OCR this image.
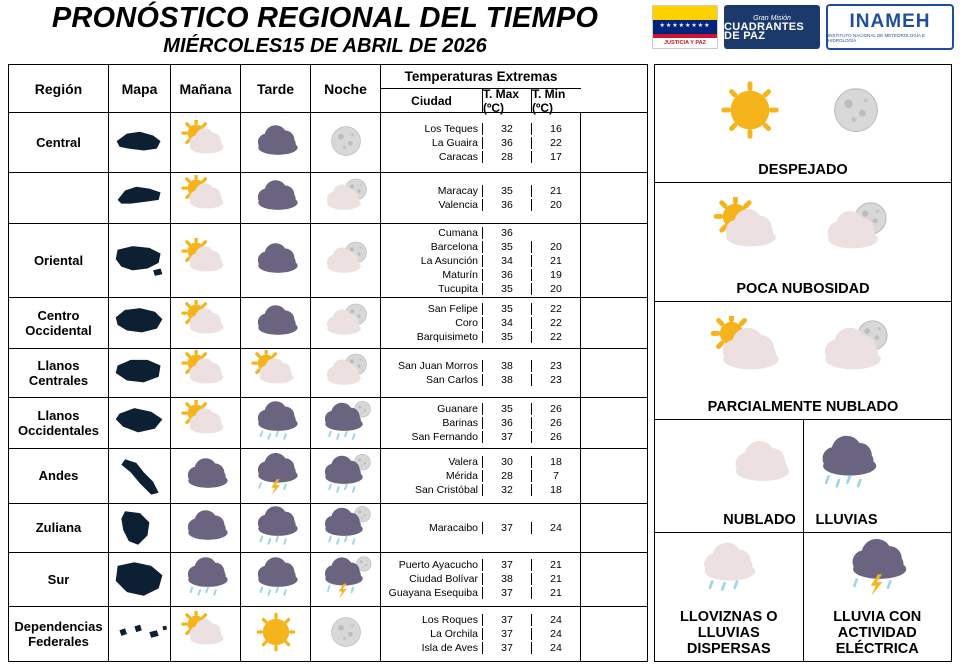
PRONÓSTICO REGIONAL DEL TIEMPO
MIÉRCOLES15 DE ABRIL DE 2026
★★★★★★★★
JUSTICIA Y PAZ
Gran Misión
CUADRANTES DE PAZ
INAMEH
INSTITUTO NACIONAL DE METEOROLOGÍA E HIDROLOGÍA
Región	Mapa	Mañana	Tarde	Noche
Temperaturas Extremas
Ciudad	T. Max (ºC)
T. Min (ºC)
Central
Los Teques	32	16
La Guaira	36	22
Caracas	28	17
Maracay	35	21
Valencia	36	20
Oriental
Cumana	36
Barcelona	35	20
La Asunción	34	21
Maturín	36	19
Tucupita	35	20
Centro Occidental
San Felipe	35	22
Coro	34	22
Barquisimeto	35	22
Llanos Centrales
San Juan Morros	38	23
San Carlos	38	23
Llanos Occidentales
Guanare	35	26
Barinas	36	26
San Fernando	37	26
Andes
Valera	30	18
Mérida	28	7
San Cristóbal	32	18
Zuliana	Maracaibo	37	24
Sur
Puerto Ayacucho	37	21
Ciudad Bolívar	38	21
Guayana Esequiba	37	21
Dependencias Federales
Los Roques	37	24
La Orchila	37	24
Isla de Aves	37	24
DESPEJADO
POCA NUBOSIDAD
PARCIALMENTE NUBLADO
NUBLADO LLUVIAS
LLOVIZNAS O LLUVIAS DISPERSAS
LLUVIA CON ACTIVIDAD ELÉCTRICA
